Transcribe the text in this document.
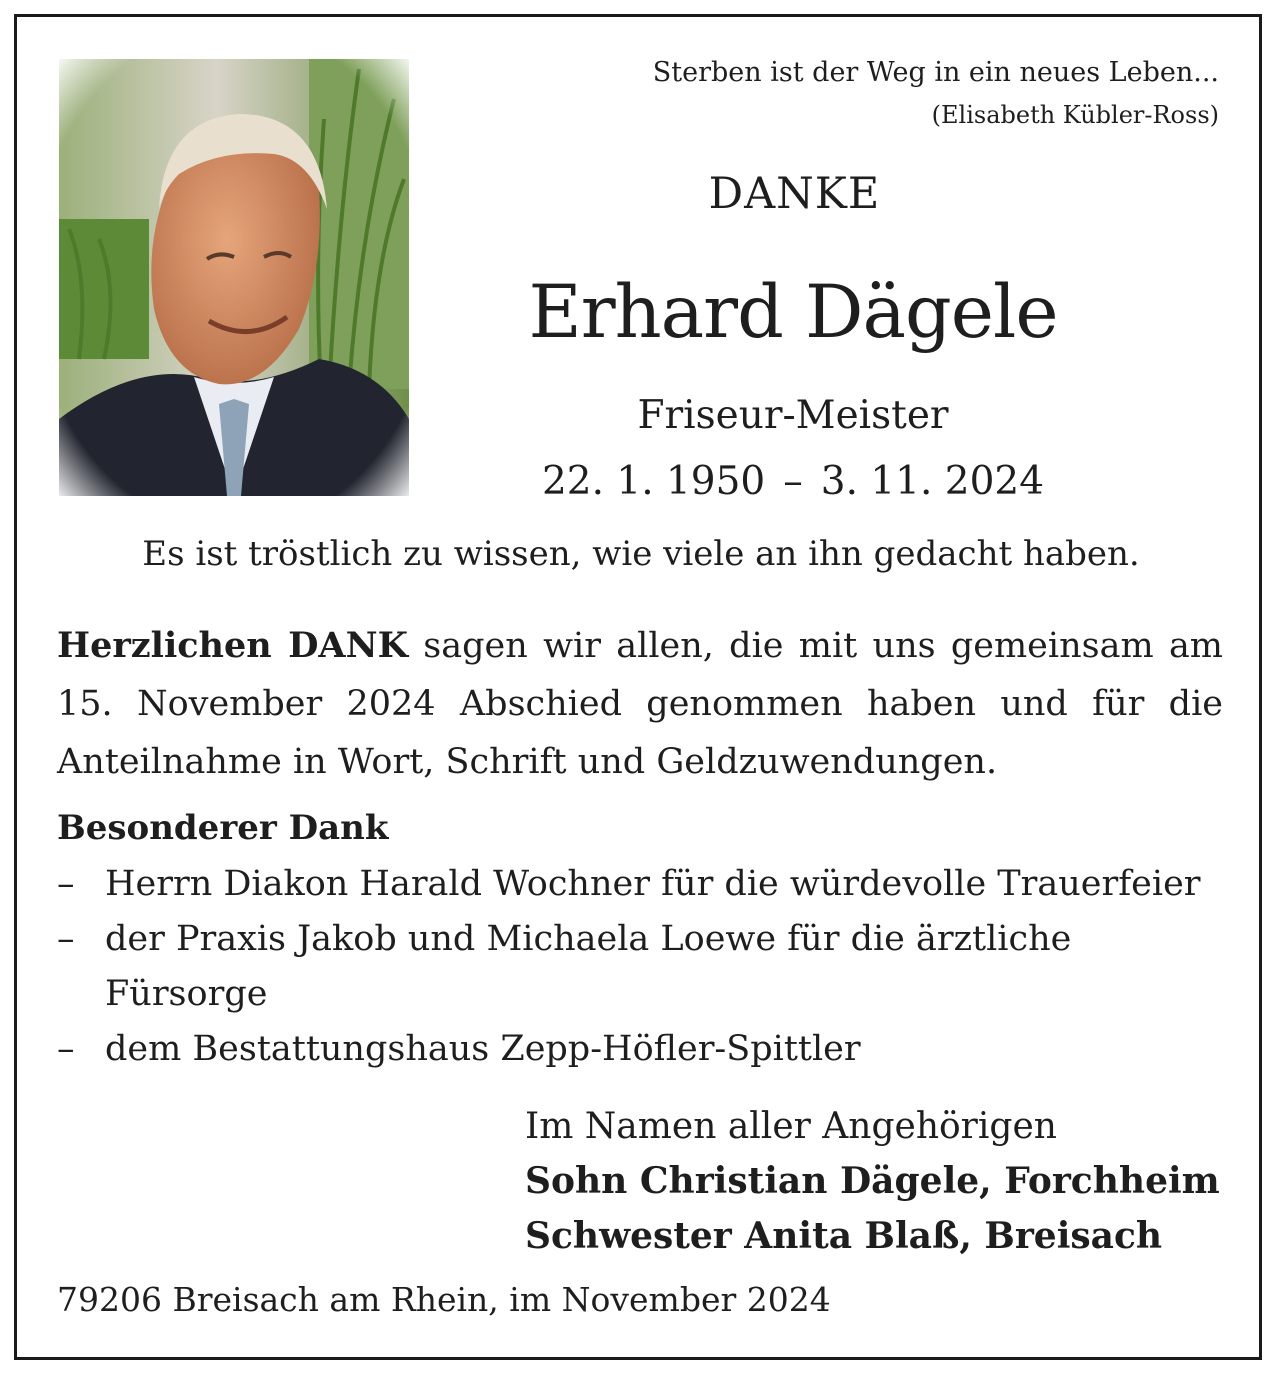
Sterben ist der Weg in ein neues Leben...

(Elisabeth Kübler-Ross)

DANKE

Erhard Dägele

Friseur-Meister

22. 1. 1950 – 3. 11. 2024

Es ist tröstlich zu wissen, wie viele an ihn gedacht haben.

Herzlichen DANK sagen wir allen, die mit uns gemeinsam am
15. November 2024 Abschied genommen haben und für die
Anteilnahme in Wort, Schrift und Geldzuwendungen.

Besonderer Dank

– Herrn Diakon Harald Wochner für die würdevolle Trauerfeier
– der Praxis Jakob und Michaela Loewe für die ärztliche Fürsorge
– dem Bestattungshaus Zepp-Höfler-Spittler
Im Namen aller Angehörigen
Sohn Christian Dägele, Forchheim
Schwester Anita Blaß, Breisach

79206 Breisach am Rhein, im November 2024
